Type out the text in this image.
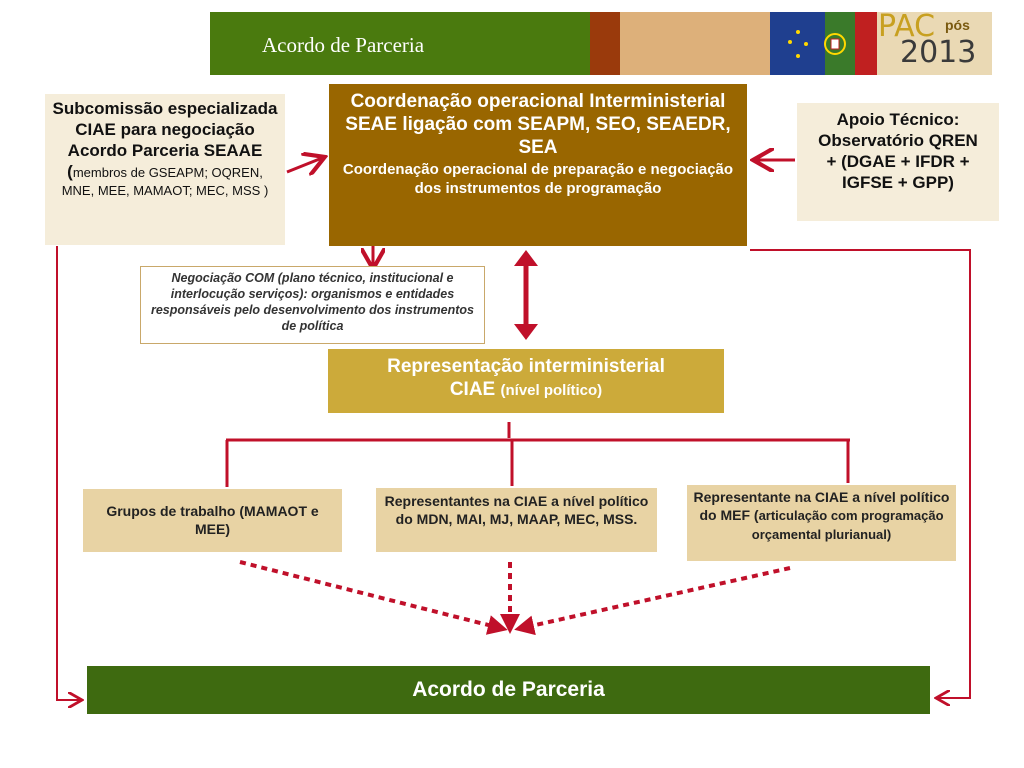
Acordo de Parceria
PAC pós
2013
Subcomissão especializada CIAE para negociação Acordo Parceria SEAAE (membros de GSEAPM; OQREN, MNE, MEE, MAMAOT; MEC, MSS )
Coordenação operacional Interministerial
SEAE ligação com SEAPM, SEO, SEAEDR, SEA
Coordenação operacional de preparação e negociação dos instrumentos de programação
Apoio Técnico: Observatório QREN
+ (DGAE + IFDR + IGFSE + GPP)
Negociação COM (plano técnico, institucional e interlocução serviços): organismos e entidades responsáveis pelo desenvolvimento dos instrumentos de política
Representação interministerial
CIAE (nível político)
Grupos de trabalho (MAMAOT e MEE)
Representantes na CIAE a nível político do MDN, MAI, MJ, MAAP, MEC, MSS.
Representante na CIAE a nível político do MEF (articulação com programação orçamental plurianual)
Acordo de Parceria
